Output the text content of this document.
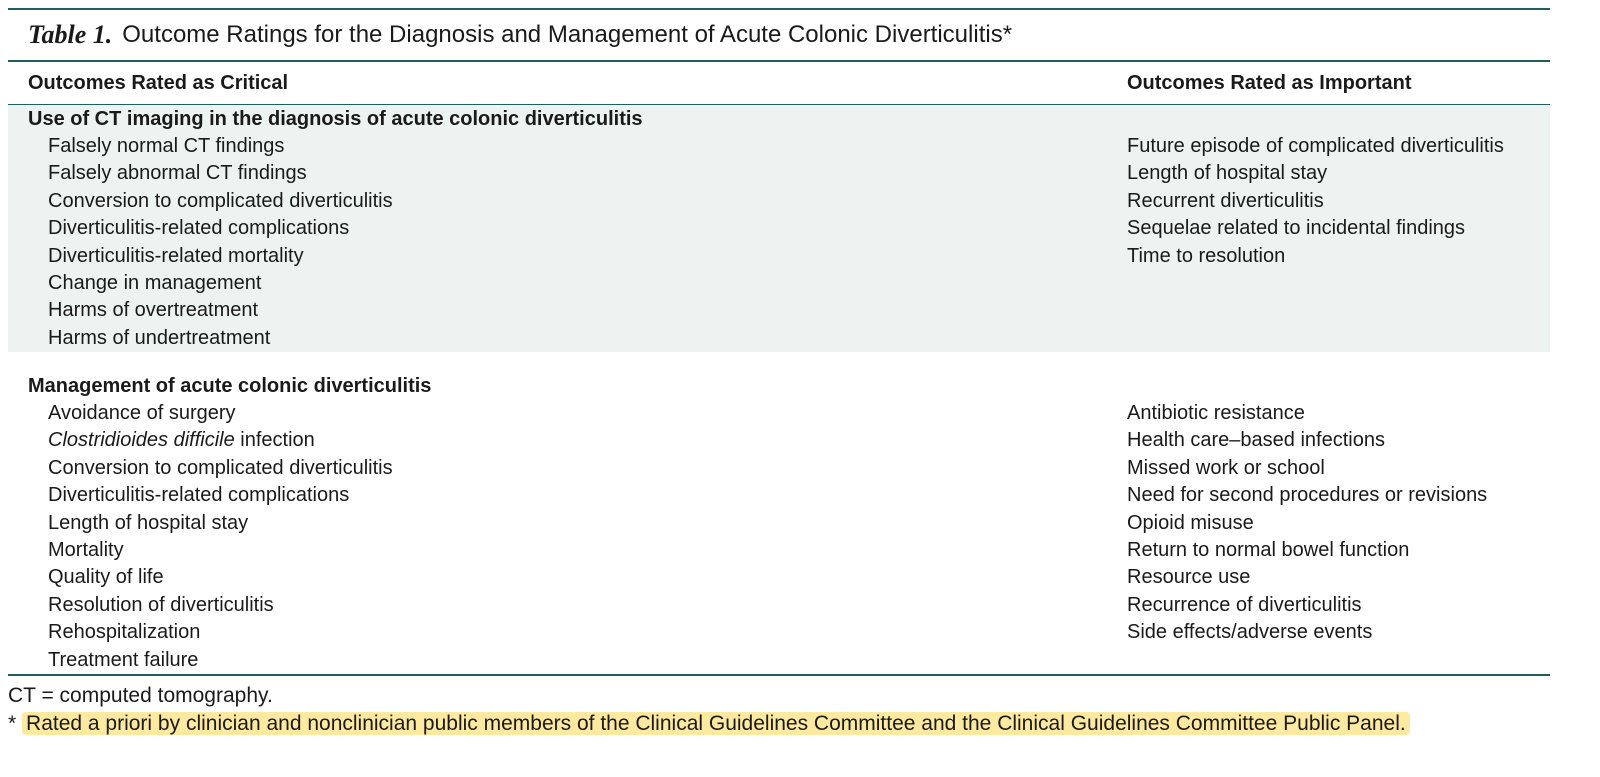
Table 1. Outcome Ratings for the Diagnosis and Management of Acute Colonic Diverticulitis*
Outcomes Rated as Critical	Outcomes Rated as Important
Use of CT imaging in the diagnosis of acute colonic diverticulitis
Falsely normal CT findings
Falsely abnormal CT findings
Conversion to complicated diverticulitis
Diverticulitis-related complications
Diverticulitis-related mortality
Change in management
Harms of overtreatment
Harms of undertreatment
Future episode of complicated diverticulitis
Length of hospital stay
Recurrent diverticulitis
Sequelae related to incidental findings
Time to resolution
Management of acute colonic diverticulitis
Avoidance of surgery
Clostridioides difficile infection
Conversion to complicated diverticulitis
Diverticulitis-related complications
Length of hospital stay
Mortality
Quality of life
Resolution of diverticulitis
Rehospitalization
Treatment failure
Antibiotic resistance
Health care–based infections
Missed work or school
Need for second procedures or revisions
Opioid misuse
Return to normal bowel function
Resource use
Recurrence of diverticulitis
Side effects/adverse events
CT = computed tomography.
* Rated a priori by clinician and nonclinician public members of the Clinical Guidelines Committee and the Clinical Guidelines Committee Public Panel.
